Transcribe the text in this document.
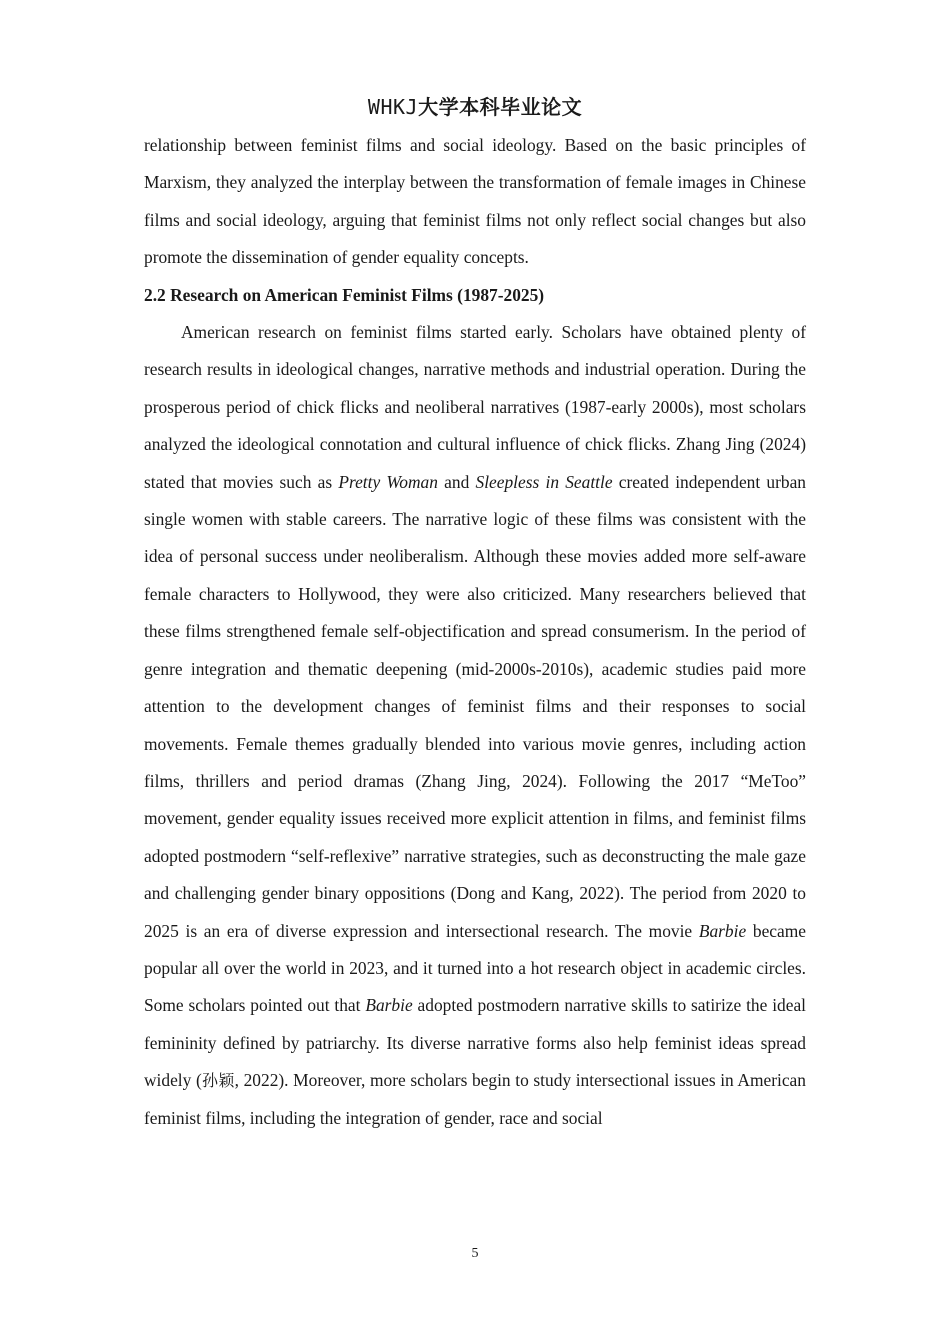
WHKJ大学本科毕业论文

relationship between feminist films and social ideology. Based on the basic principles of Marxism, they analyzed the interplay between the transformation of female images in Chinese films and social ideology, arguing that feminist films not only reflect social changes but also promote the dissemination of gender equality concepts.

2.2 Research on American Feminist Films (1987-2025)

American research on feminist films started early. Scholars have obtained plenty of research results in ideological changes, narrative methods and industrial operation. During the prosperous period of chick flicks and neoliberal narratives (1987-early 2000s), most scholars analyzed the ideological connotation and cultural influence of chick flicks. Zhang Jing (2024) stated that movies such as Pretty Woman and Sleepless in Seattle created independent urban single women with stable careers. The narrative logic of these films was consistent with the idea of personal success under neoliberalism. Although these movies added more self-aware female characters to Hollywood, they were also criticized. Many researchers believed that these films strengthened female self-objectification and spread consumerism. In the period of genre integration and thematic deepening (mid-2000s-2010s), academic studies paid more attention to the development changes of feminist films and their responses to social movements. Female themes gradually blended into various movie genres, including action films, thrillers and period dramas (Zhang Jing, 2024). Following the 2017 “MeToo” movement, gender equality issues received more explicit attention in films, and feminist films adopted postmodern “self-reflexive” narrative strategies, such as deconstructing the male gaze and challenging gender binary oppositions (Dong and Kang, 2022). The period from 2020 to 2025 is an era of diverse expression and intersectional research. The movie Barbie became popular all over the world in 2023, and it turned into a hot research object in academic circles. Some scholars pointed out that Barbie adopted postmodern narrative skills to satirize the ideal femininity defined by patriarchy. Its diverse narrative forms also help feminist ideas spread widely (孙颖, 2022). Moreover, more scholars begin to study intersectional issues in American feminist films, including the integration of gender, race and social

5
